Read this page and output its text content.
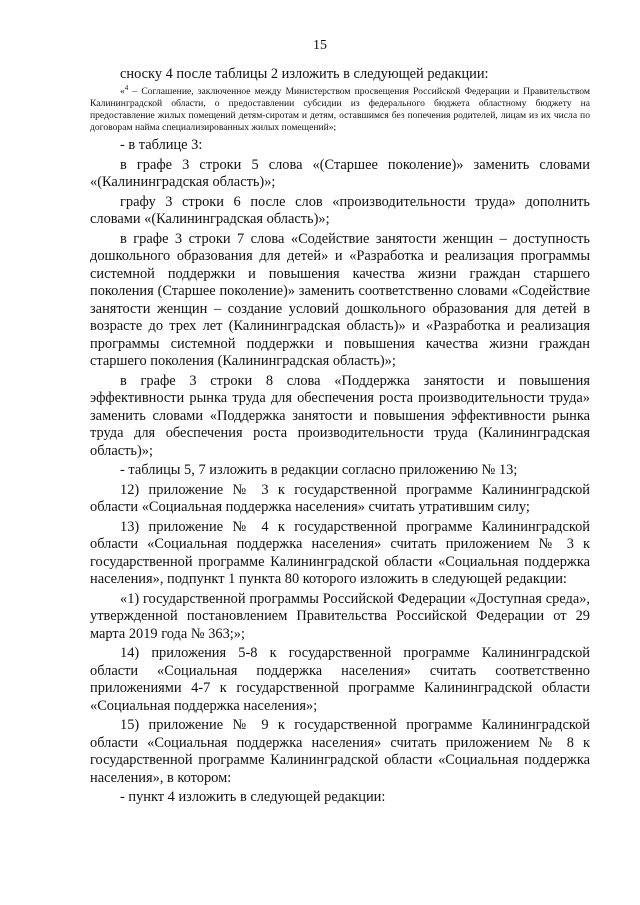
15

сноску 4 после таблицы 2 изложить в следующей редакции:

«$^4$ – Соглашение, заключенное между Министерством просвещения Российской Федерации и Правительством Калининградской области, о предоставлении субсидии из федерального бюджета областному бюджету на предоставление жилых помещений детям-сиротам и детям, оставшимся без попечения родителей, лицам из их числа по договорам найма специализированных жилых помещений»;

- в таблице 3:

в графе 3 строки 5 слова «(Старшее поколение)» заменить словами «(Калининградская область)»;

графу 3 строки 6 после слов «производительности труда» дополнить словами «(Калининградская область)»;

в графе 3 строки 7 слова «Содействие занятости женщин – доступность дошкольного образования для детей» и «Разработка и реализация программы системной поддержки и повышения качества жизни граждан старшего поколения (Старшее поколение)» заменить соответственно словами «Содействие занятости женщин – создание условий дошкольного образования для детей в возрасте до трех лет (Калининградская область)» и «Разработка и реализация программы системной поддержки и повышения качества жизни граждан старшего поколения (Калининградская область)»;

в графе 3 строки 8 слова «Поддержка занятости и повышения эффективности рынка труда для обеспечения роста производительности труда» заменить словами «Поддержка занятости и повышения эффективности рынка труда для обеспечения роста производительности труда (Калининградская область)»;

- таблицы 5, 7 изложить в редакции согласно приложению № 13;

12) приложение № 3 к государственной программе Калининградской области «Социальная поддержка населения» считать утратившим силу;

13) приложение № 4 к государственной программе Калининградской области «Социальная поддержка населения» считать приложением № 3 к государственной программе Калининградской области «Социальная поддержка населения», подпункт 1 пункта 80 которого изложить в следующей редакции:

«1) государственной программы Российской Федерации «Доступная среда», утвержденной постановлением Правительства Российской Федерации от 29 марта 2019 года № 363;»;

14) приложения 5-8 к государственной программе Калининградской области «Социальная поддержка населения» считать соответственно приложениями 4-7 к государственной программе Калининградской области «Социальная поддержка населения»;

15) приложение № 9 к государственной программе Калининградской области «Социальная поддержка населения» считать приложением № 8 к государственной программе Калининградской области «Социальная поддержка населения», в котором:

- пункт 4 изложить в следующей редакции:
